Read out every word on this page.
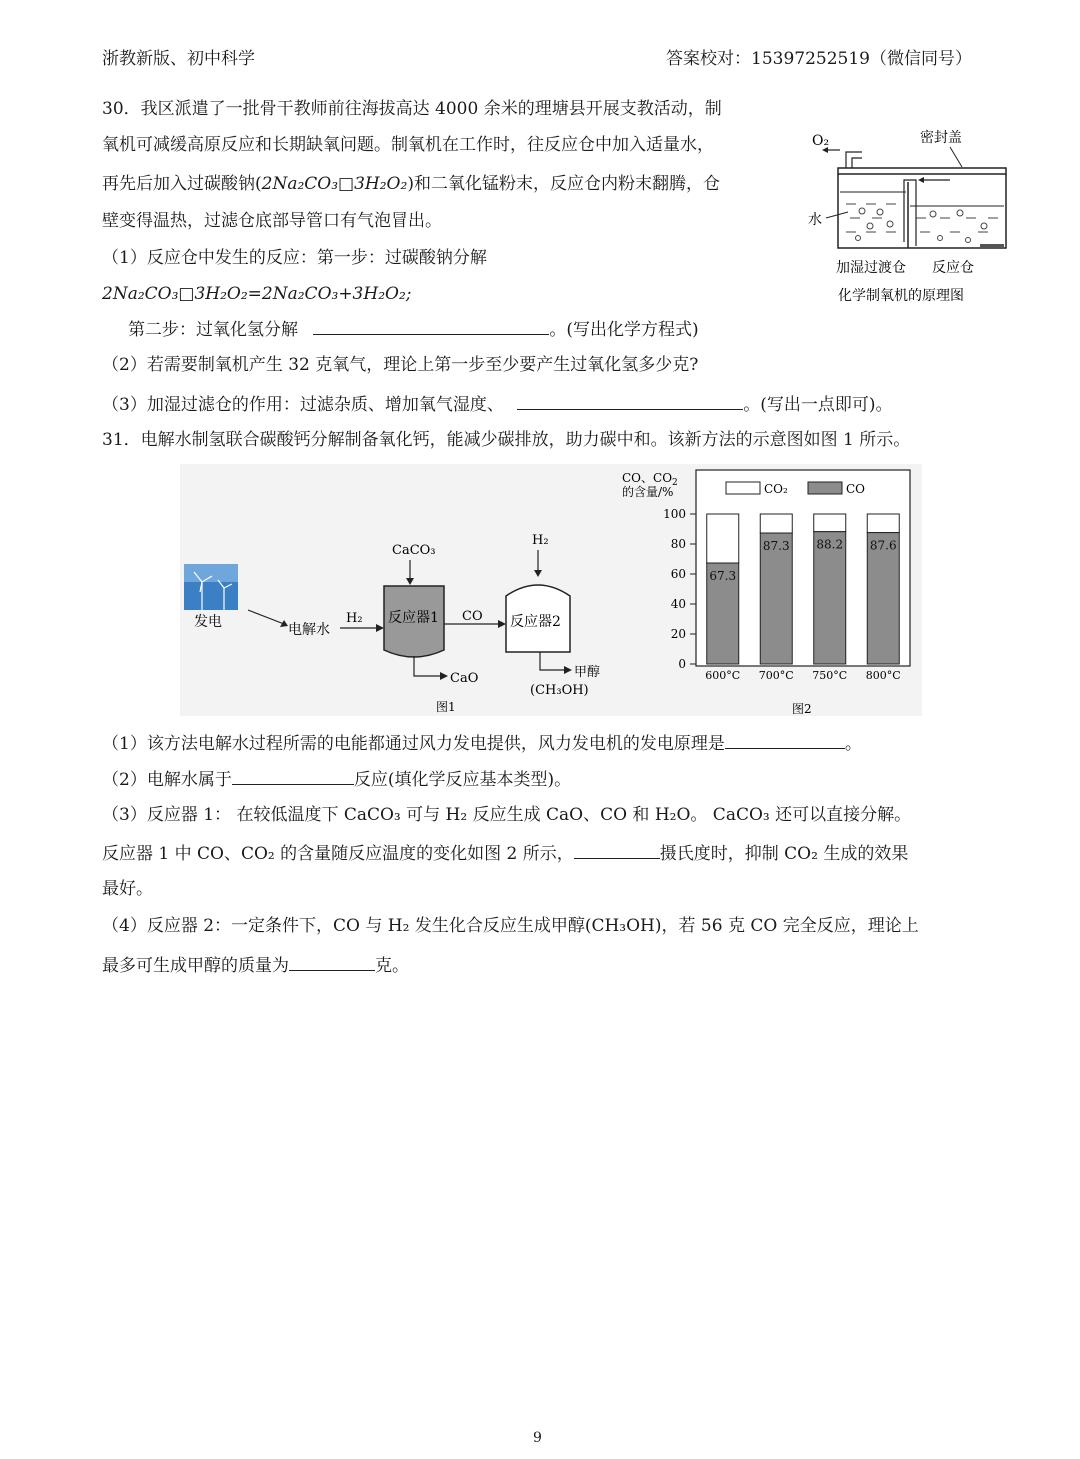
浙教新版、初中科学	答案校对：15397252519（微信同号）
30．我区派遣了一批骨干教师前往海拔高达 4000 余米的理塘县开展支教活动，制
氧机可减缓高原反应和长期缺氧问题。制氧机在工作时，往反应仓中加入适量水，
再先后加入过碳酸钠(2Na₂CO₃□3H₂O₂)和二氧化锰粉末，反应仓内粉末翻腾，仓
壁变得温热，过滤仓底部导管口有气泡冒出。
（1）反应仓中发生的反应：第一步：过碳酸钠分解
2Na₂CO₃□3H₂O₂=2Na₂CO₃+3H₂O₂;
第二步：过氧化氢分解	。(写出化学方程式)
（2）若需要制氧机产生 32 克氧气，理论上第一步至少要产生过氧化氢多少克?
（3）加湿过滤仓的作用：过滤杂质、增加氧气湿度、	。(写出一点即可)。
O₂	密封盖
水
加湿过渡仓 反应仓
化学制氧机的原理图
31．电解水制氢联合碳酸钙分解制备氧化钙，能减少碳排放，助力碳中和。该新方法的示意图如图 1 所示。
发电	电解水
H₂
CaCO₃
反应器1
CaO
CO
H₂
反应器2
甲醇
(CH₃OH)
图1
CO、$CO_2$
的含量/%	CO₂	CO
100
80
60
40
20
0
67.3
600°C
87.3
700°C
88.2
750°C
87.6
800°C
图2
（1）该方法电解水过程所需的电能都通过风力发电提供，风力发电机的发电原理是	。
（2）电解水属于	反应(填化学反应基本类型)。
（3）反应器 1： 在较低温度下 CaCO₃ 可与 H₂ 反应生成 CaO、CO 和 H₂O。 CaCO₃ 还可以直接分解。
反应器 1 中 CO、CO₂ 的含量随反应温度的变化如图 2 所示，	摄氏度时，抑制 CO₂ 生成的效果
最好。
（4）反应器 2：一定条件下，CO 与 H₂ 发生化合反应生成甲醇(CH₃OH)，若 56 克 CO 完全反应，理论上
最多可生成甲醇的质量为	克。
9
